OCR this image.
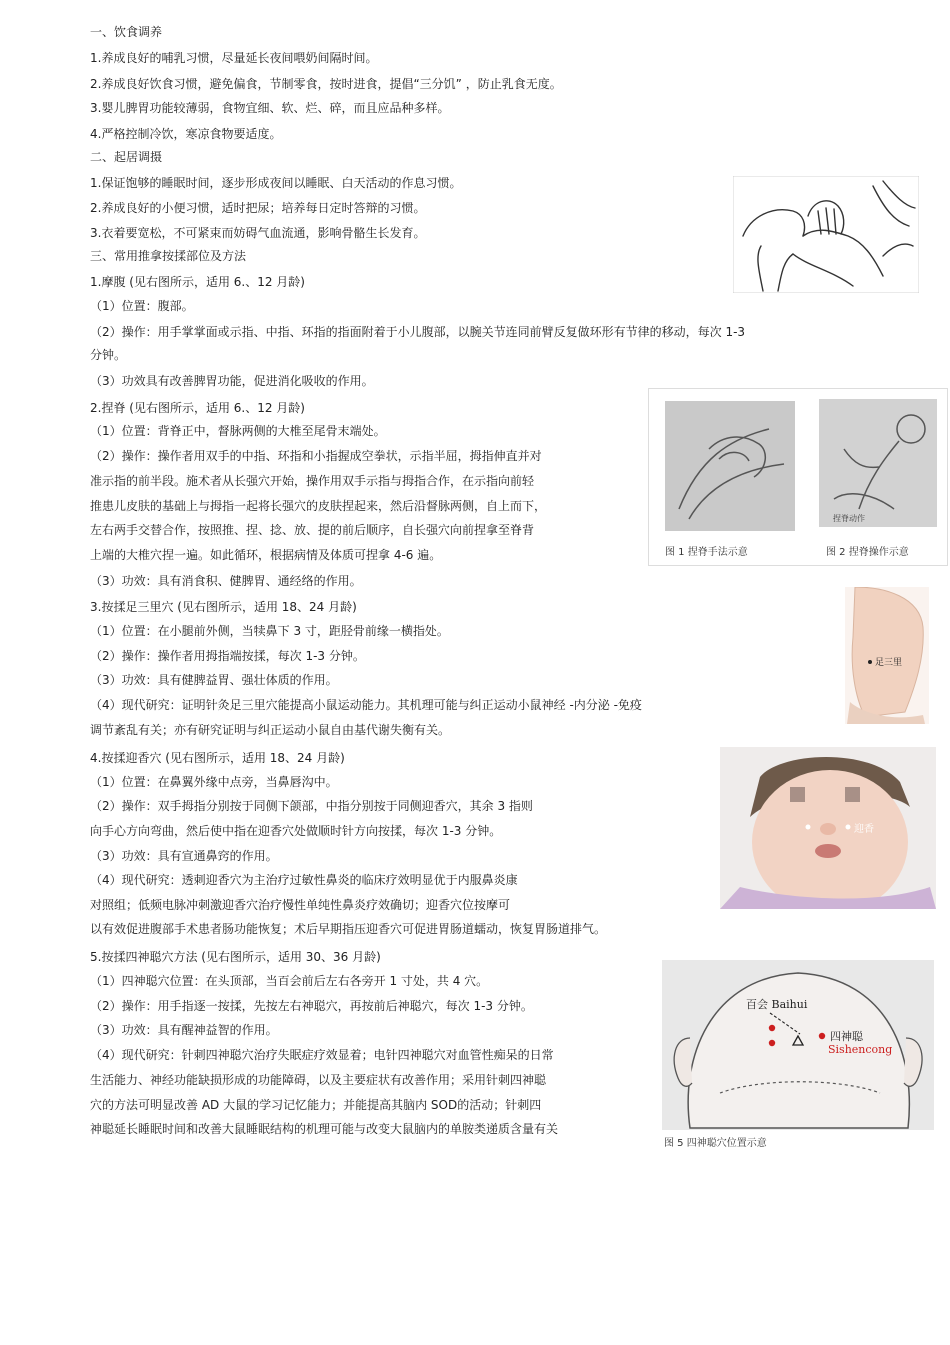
一、饮食调养
1.养成良好的哺乳习惯，尽量延长夜间喂奶间隔时间。
2.养成良好饮食习惯，避免偏食，节制零食，按时进食，提倡“三分饥” ，防止乳食无度。
3.婴儿脾胃功能较薄弱，食物宜细、软、烂、碎，而且应品种多样。
4.严格控制冷饮，寒凉食物要适度。
二、起居调摄
1.保证饱够的睡眠时间，逐步形成夜间以睡眠、白天活动的作息习惯。
2.养成良好的小便习惯，适时把尿；培养每日定时答辩的习惯。
3.衣着要宽松，不可紧束而妨碍气血流通，影响骨骼生长发育。
三、常用推拿按揉部位及方法
1.摩腹 (见右图所示，适用 6.、12 月龄)
（1）位置：腹部。
（2）操作：用手掌掌面或示指、中指、环指的指面附着于小儿腹部，以腕关节连同前臂反复做环形有节律的移动，每次 1-3
分钟。
（3）功效具有改善脾胃功能，促进消化吸收的作用。
2.捏脊 (见右图所示，适用 6.、12 月龄)
（1）位置：背脊正中，督脉两侧的大椎至尾骨末端处。
（2）操作：操作者用双手的中指、环指和小指握成空拳状，示指半屈，拇指伸直并对
准示指的前半段。施术者从长强穴开始，操作用双手示指与拇指合作，在示指向前轻
推患儿皮肤的基础上与拇指一起将长强穴的皮肤捏起来，然后沿督脉两侧，自上而下，
左右两手交替合作，按照推、捏、捻、放、提的前后顺序，自长强穴向前捏拿至脊背
上端的大椎穴捏一遍。如此循环，根据病情及体质可捏拿 4-6 遍。
（3）功效：具有消食积、健脾胃、通经络的作用。
3.按揉足三里穴 (见右图所示，适用 18、24 月龄)
（1）位置：在小腿前外侧，当犊鼻下 3 寸，距胫骨前缘一横指处。
（2）操作：操作者用拇指端按揉，每次 1-3 分钟。
（3）功效：具有健脾益胃、强壮体质的作用。
（4）现代研究：证明针灸足三里穴能提高小鼠运动能力。其机理可能与纠正运动小鼠神经 -内分泌 -免疫
调节紊乱有关；亦有研究证明与纠正运动小鼠自由基代谢失衡有关。
4.按揉迎香穴 (见右图所示，适用 18、24 月龄)
（1）位置：在鼻翼外缘中点旁，当鼻唇沟中。
（2）操作：双手拇指分别按于同侧下颌部，中指分别按于同侧迎香穴，其余 3 指则
向手心方向弯曲，然后使中指在迎香穴处做顺时针方向按揉，每次 1-3 分钟。
（3）功效：具有宣通鼻窍的作用。
（4）现代研究：透刺迎香穴为主治疗过敏性鼻炎的临床疗效明显优于内服鼻炎康
对照组；低频电脉冲刺激迎香穴治疗慢性单纯性鼻炎疗效确切；迎香穴位按摩可
以有效促进腹部手术患者肠功能恢复；术后早期指压迎香穴可促进胃肠道蠕动，恢复胃肠道排气。
5.按揉四神聪穴方法 (见右图所示，适用 30、36 月龄)
（1）四神聪穴位置：在头顶部，当百会前后左右各旁开 1 寸处，共 4 穴。
（2）操作：用手指逐一按揉，先按左右神聪穴，再按前后神聪穴，每次 1-3 分钟。
（3）功效：具有醒神益智的作用。
（4）现代研究：针刺四神聪穴治疗失眠症疗效显着；电针四神聪穴对血管性痴呆的日常
生活能力、神经功能缺损形成的功能障碍，以及主要症状有改善作用；采用针刺四神聪
穴的方法可明显改善 AD 大鼠的学习记忆能力；并能提高其脑内 SOD的活动；针刺四
神聪延长睡眠时间和改善大鼠睡眠结构的机理可能与改变大鼠脑内的单胺类递质含量有关
捏脊动作
图 1 捏脊手法示意	图 2 捏脊操作示意
足三里
迎香
百会 Baihui
四神聪
Sishencong
图 5 四神聪穴位置示意
